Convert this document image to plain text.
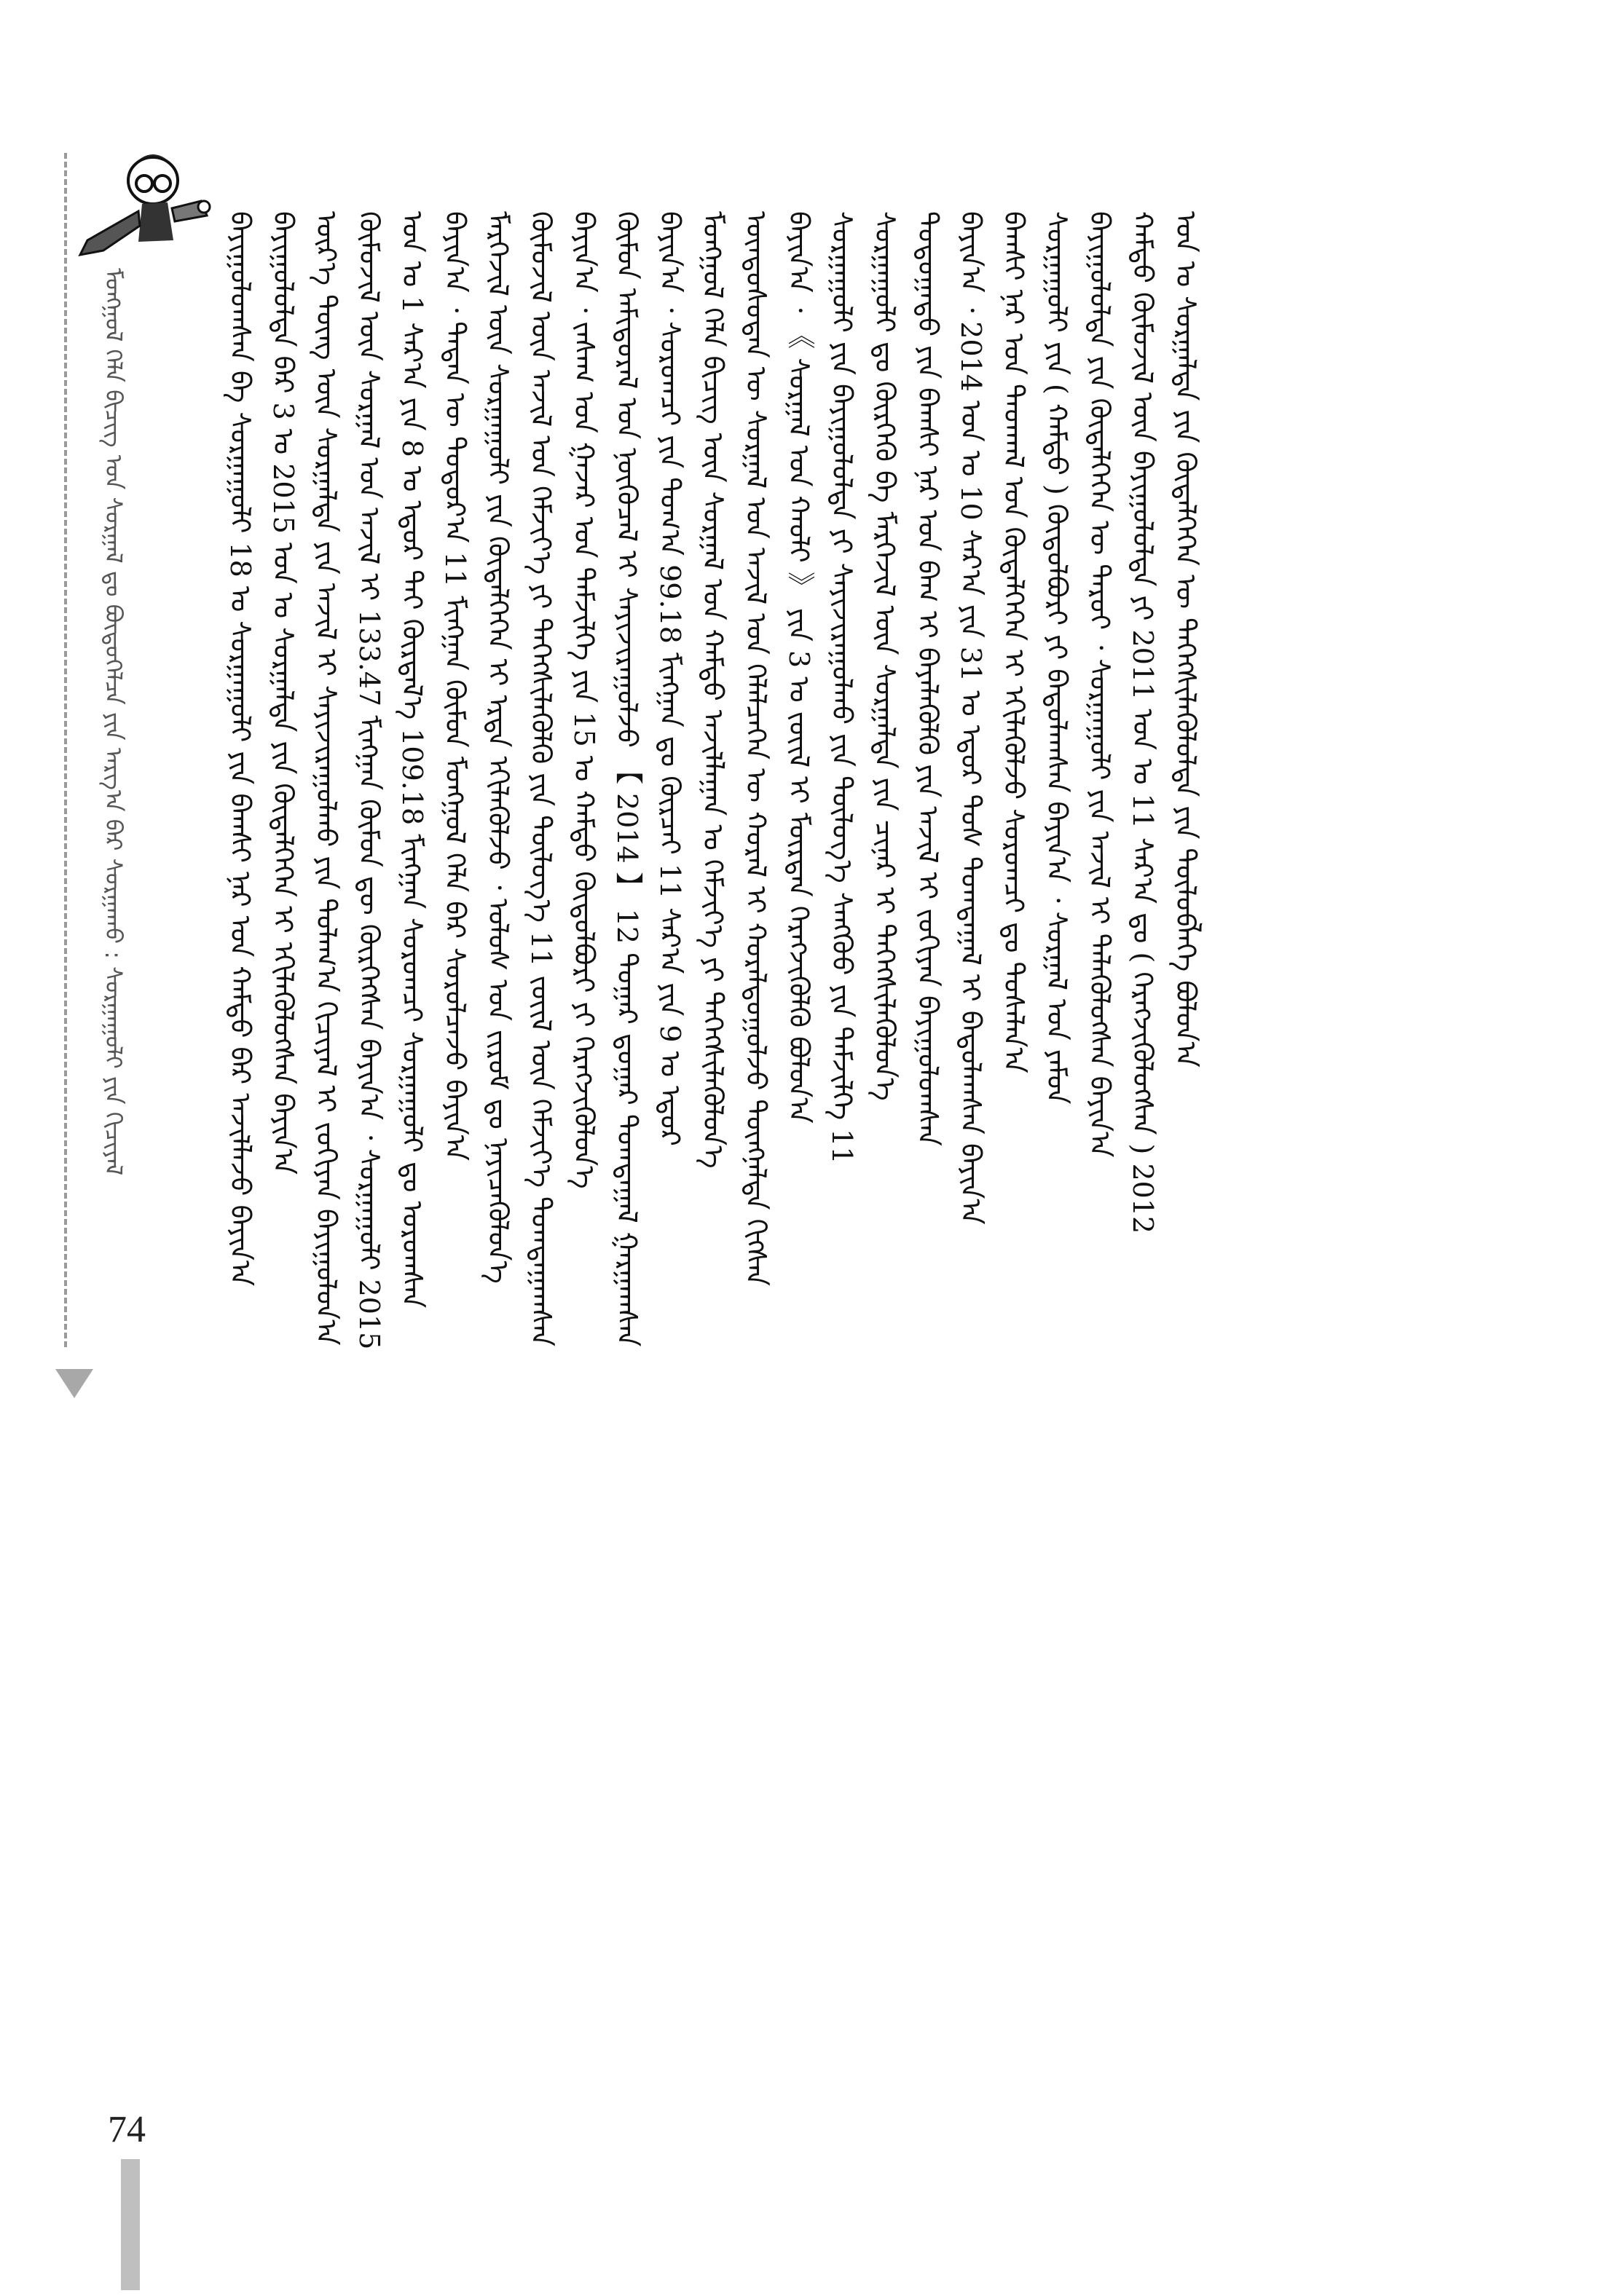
ᠮᠣᠩᠭᠣᠯ ᠬᠡᠯᠡ ᠪᠢᠴᠢᠭ ᠤᠨ ᠰᠤᠷᠭᠠᠯ ᠳᠤ ᠪᠦᠲᠦᠭᠡᠯᠴᠡ ᠶᠢᠨ ᠠᠷᠭ᠎ᠠ ᠪᠠᠷ ᠰᠤᠷᠭᠠᠬᠤ : ᠰᠤᠷᠭᠠᠭᠤᠯᠢ ᠶᠢᠨ ᠬᠢᠴᠢᠶᠡᠯ	ᠪᠠᠶᠢᠭᠤᠯᠤᠭᠰᠠᠨ ᠪᠠ ᠰᠤᠷᠭᠠᠭᠤᠯᠢ 18 ᠤ ᠰᠤᠷᠭᠠᠭᠤᠯᠢ ᠶᠢᠨ ᠪᠠᠭᠰᠢ ᠨᠠᠷ ᠤᠨ ᠬᠠᠮᠲᠤ ᠪᠡᠷ ᠠᠵᠢᠯᠯᠠᠵᠤ ᠪᠠᠶᠢᠨ᠎ᠠ ᠪᠠᠶᠢᠭᠤᠯᠤᠯᠲᠠ ᠪᠠᠷ 3 ᠤ 2015 ᠣᠨ ᠤ ᠰᠤᠷᠭᠠᠯᠲᠠ ᠶᠢᠨ ᠬᠦᠳᠡᠯᠭᠡᠭᠡᠨ ᠢ ᠡᠬᠢᠯᠡᠭᠦᠯᠦᠭᠰᠡᠨ ᠪᠠᠶᠢᠨ᠎ᠠ ᠦᠷ᠎ᠡ ᠳᠦᠩ ᠦᠨ ᠰᠤᠷᠭᠠᠯᠲᠠ ᠶᠢᠨ ᠠᠵᠢᠯ ᠢ ᠰᠠᠶᠢᠵᠢᠷᠠᠭᠤᠯᠬᠤ ᠶᠢᠨ ᠲᠤᠯᠠᠭ᠎ᠠ ᠬᠢᠴᠢᠶᠡᠯ ᠢ ᠵᠣᠬᠢᠶᠠᠨ ᠪᠠᠶᠢᠭᠤᠯᠤᠨ᠎ᠠ ᠬᠦᠮᠦᠵᠢᠯ ᠦᠨ ᠰᠤᠷᠭᠠᠯ ᠤᠨ ᠠᠵᠢᠯ ᠢ 133.47 ᠮᠢᠩᠭᠠᠨ ᠬᠦᠮᠦᠨ ᠳᠦ ᠬᠦᠷᠭᠡᠭᠰᠡᠨ ᠪᠠᠶᠢᠨ᠎ᠠ ᠂ ᠰᠤᠷᠭᠠᠭᠤᠯᠢ 2015 ᠣᠨ ᠤ 1 ᠰᠠᠷ᠎ᠠ ᠶᠢᠨ 8 ᠤ ᠡᠳᠦᠷ ᠲᠡᠢ ᠬᠦᠷᠲᠡᠯ᠎ᠡ 109.18 ᠮᠢᠩᠭᠠᠨ ᠰᠤᠷᠤᠭᠴᠢ ᠰᠤᠷᠭᠠᠭᠤᠯᠢ ᠳᠤ ᠣᠷᠤᠭᠰᠠᠨ ᠪᠠᠶᠢᠨ᠎ᠠ ᠂ ᠲᠡᠳᠡᠨ ᠦ ᠳᠣᠲᠣᠷ᠎ᠠ 11 ᠮᠢᠩᠭᠠᠨ ᠬᠦᠮᠦᠨ ᠮᠣᠩᠭᠣᠯ ᠬᠡᠯᠡ ᠪᠡᠷ ᠰᠤᠷᠤᠯᠴᠠᠵᠤ ᠪᠠᠶᠢᠨ᠎ᠠ ᠮᠡᠷᠭᠡᠵᠢᠯ ᠦᠨ ᠰᠤᠷᠭᠠᠭᠤᠯᠢ ᠶᠢᠨ ᠬᠦᠳᠡᠯᠭᠡᠭᠡᠨ ᠢ ᠡᠷᠲᠡ ᠡᠬᠢᠯᠡᠭᠦᠯᠵᠦ ᠂ ᠤᠯᠤᠰ ᠤᠨ ᠵᠢᠷᠤᠮ ᠳᠤ ᠨᠡᠶᠢᠴᠡᠭᠦᠯᠦᠨ᠎ᠡ ᠬᠦᠮᠦᠵᠢᠯ ᠦᠨ ᠠᠵᠢᠯ ᠤᠨ ᠬᠡᠮᠵᠢᠶ᠎ᠡ ᠶᠢ ᠳᠡᠭᠡᠭᠰᠢᠯᠡᠭᠦᠯᠬᠦ ᠶᠢᠨ ᠲᠥᠯᠥᠭ᠎ᠡ 11 ᠵᠦᠢᠯ ᠦᠨ ᠬᠡᠮᠵᠢᠶ᠎ᠡ ᠲᠣᠭᠲᠠᠭᠠᠭᠰᠠᠨ ᠪᠠᠶᠢᠨ᠎ᠠ ᠂ ᠵᠠᠰᠠᠭ ᠤᠨ ᠭᠠᠵᠠᠷ ᠤᠨ ᠳᠡᠮᠵᠢᠯᠭᠡ ᠶᠢᠨ 15 ᠤ ᠬᠠᠮᠲᠤ ᠬᠥᠲᠦᠯᠪᠦᠷᠢ ᠶᠢ ᠬᠡᠷᠡᠭᠵᠢᠭᠦᠯᠦᠨ᠎ᠡ ᠬᠥᠮᠥᠨ ᠠᠮᠢᠳᠤᠷᠠᠯ ᠤᠨ ᠨᠥᠬᠥᠴᠡᠯ ᠢ ᠰᠠᠶᠢᠵᠢᠷᠠᠭᠤᠯᠵᠤ 【 2014 】 12 ᠳᠤᠭᠠᠷ ᠳ᠋ᠤᠭᠠᠷ ᠲᠣᠭᠲᠠᠭᠠᠯ ᠭᠠᠷᠭᠠᠭᠰᠠᠨ ᠪᠠᠶᠢᠨ᠎ᠠ ᠂ ᠰᠤᠷᠤᠭᠴᠢ ᠶᠢᠨ ᠲᠣᠭ᠎ᠠ 99.18 ᠮᠢᠩᠭᠠᠨ ᠳᠤ ᠬᠦᠷᠴᠡᠢ 11 ᠰᠠᠷ᠎ᠠ ᠶᠢᠨ 9 ᠤ ᠡᠳᠦᠷ ᠮᠣᠩᠭᠣᠯ ᠬᠡᠯᠡ ᠪᠢᠴᠢᠭ ᠦᠨ ᠰᠤᠷᠭᠠᠯ ᠤᠨ ᠬᠠᠮᠲᠤ ᠠᠵᠢᠯᠯᠠᠭᠠᠨ ᠤ ᠬᠡᠮᠵᠢᠶ᠎ᠡ ᠶᠢ ᠳᠡᠭᠡᠭᠰᠢᠯᠡᠭᠦᠯᠦᠨ᠎ᠡ ᠦᠨᠳᠦᠰᠦᠲᠡᠨ ᠦ ᠰᠤᠷᠭᠠᠯ ᠤᠨ ᠠᠵᠢᠯ ᠤᠨ ᠬᠡᠯᠡᠯᠴᠡᠭᠡᠨ ᠦ ᠬᠤᠷᠠᠯ ᠢ ᠬᠤᠷᠠᠯᠳᠤᠭᠤᠯᠵᠤ ᠳᠦᠩᠨᠡᠯᠲᠡ ᠬᠢᠭᠰᠡᠨ ᠪᠠᠶᠢᠨ᠎ᠠ ᠂ 《 ᠰᠤᠷᠭᠠᠯ ᠤᠨ ᠬᠠᠤᠯᠢ 》 ᠶᠢᠨ 3 ᠤ ᠵᠦᠢᠯ ᠢ ᠮᠥᠷᠳᠡᠨ ᠬᠡᠷᠡᠭᠵᠢᠭᠦᠯᠬᠦ ᠪᠣᠯᠤᠨ᠎ᠠ ᠰᠤᠷᠭᠠᠭᠤᠯᠢ ᠶᠢᠨ ᠪᠠᠶᠢᠭᠤᠯᠤᠯᠲᠠ ᠶᠢ ᠰᠠᠶᠢᠵᠢᠷᠠᠭᠤᠯᠬᠤ ᠶᠢᠨ ᠲᠥᠯᠥᠭ᠎ᠡ ᠰᠠᠩᠬᠦᠦ ᠶᠢᠨ ᠳᠡᠮᠵᠢᠯᠭᠡ 11 ᠰᠤᠷᠭᠠᠭᠤᠯᠢ ᠳᠤ ᠬᠦᠷᠭᠡᠬᠦ ᠪᠠ ᠮᠡᠷᠭᠡᠵᠢᠯ ᠦᠨ ᠰᠤᠷᠭᠠᠯᠲᠠ ᠶᠢᠨ ᠴᠢᠨᠠᠷ ᠢ ᠳᠡᠭᠡᠭᠰᠢᠯᠡᠭᠦᠯᠦᠨ᠎ᠡ ᠳᠣᠲᠣᠭᠠᠳᠤ ᠶᠢᠨ ᠪᠠᠭᠰᠢ ᠨᠠᠷ ᠤᠨ ᠪᠠᠭ ᠢ ᠪᠡᠶᠡᠯᠡᠭᠦᠯᠬᠦ ᠶᠢᠨ ᠠᠵᠢᠯ ᠢ ᠵᠣᠬᠢᠶᠠᠨ ᠪᠠᠶᠢᠭᠤᠯᠤᠭᠰᠠᠨ ᠪᠠᠶᠢᠨ᠎ᠠ ᠂ 2014 ᠣᠨ ᠤ 10 ᠰᠠᠷ᠎ᠠ ᠶᠢᠨ 31 ᠤ ᠡᠳᠦᠷ ᠲᠤᠰ ᠲᠣᠭᠲᠠᠭᠠᠯ ᠢ ᠪᠠᠲᠤᠯᠠᠭᠰᠠᠨ ᠪᠠᠶᠢᠨ᠎ᠠ ᠪᠠᠭᠰᠢ ᠨᠠᠷ ᠤᠨ ᠳᠠᠳᠬᠠᠯ ᠤᠨ ᠬᠦᠳᠡᠯᠭᠡᠭᠡᠨ ᠢ ᠡᠬᠢᠯᠡᠭᠦᠯᠵᠦ ᠰᠤᠷᠤᠭᠴᠢ ᠳᠤ ᠲᠤᠰᠠᠯᠠᠨ᠎ᠠ ᠰᠤᠷᠭᠠᠭᠤᠯᠢ ᠶᠢᠨ ( ᠬᠠᠮᠲᠤ ) ᠬᠥᠲᠦᠯᠪᠦᠷᠢ ᠶᠢ ᠪᠠᠲᠤᠯᠠᠭᠰᠠᠨ ᠪᠠᠶᠢᠨ᠎ᠠ ᠂ ᠰᠤᠷᠭᠠᠯ ᠤᠨ ᠶᠠᠮᠤᠨ ᠪᠠᠶᠢᠭᠤᠯᠤᠯᠲᠠ ᠶᠢᠨ ᠬᠦᠳᠡᠯᠭᠡᠭᠡᠨ ᠦ ᠳᠠᠷᠤᠢ ᠂ ᠰᠤᠷᠭᠠᠭᠤᠯᠢ ᠶᠢᠨ ᠠᠵᠢᠯ ᠢ ᠲᠡᠯᠡᠭᠦᠯᠦᠭᠰᠡᠨ ᠪᠠᠶᠢᠨ᠎ᠠ ᠬᠠᠮᠲᠤ ᠬᠦᠮᠦᠵᠢᠯ ᠦᠨ ᠪᠠᠶᠢᠭᠤᠯᠤᠯᠲᠠ ᠶᠢ 2011 ᠣᠨ ᠤ 11 ᠰᠠᠷ᠎ᠠ ᠳᠤ ( ᠬᠡᠷᠡᠭᠵᠢᠭᠦᠯᠦᠭᠰᠡᠨ ) 2012 ᠣᠨ ᠤ ᠰᠤᠷᠭᠠᠯᠲᠠ ᠶᠢᠨ ᠬᠦᠳᠡᠯᠭᠡᠭᠡᠨ ᠦ ᠳᠡᠭᠡᠭᠰᠢᠯᠡᠭᠦᠯᠦᠯᠲᠡ ᠶᠢᠨ ᠲᠥᠯᠥᠪᠯᠡᠭᠡ ᠪᠣᠯᠤᠨ᠎ᠠ
74
